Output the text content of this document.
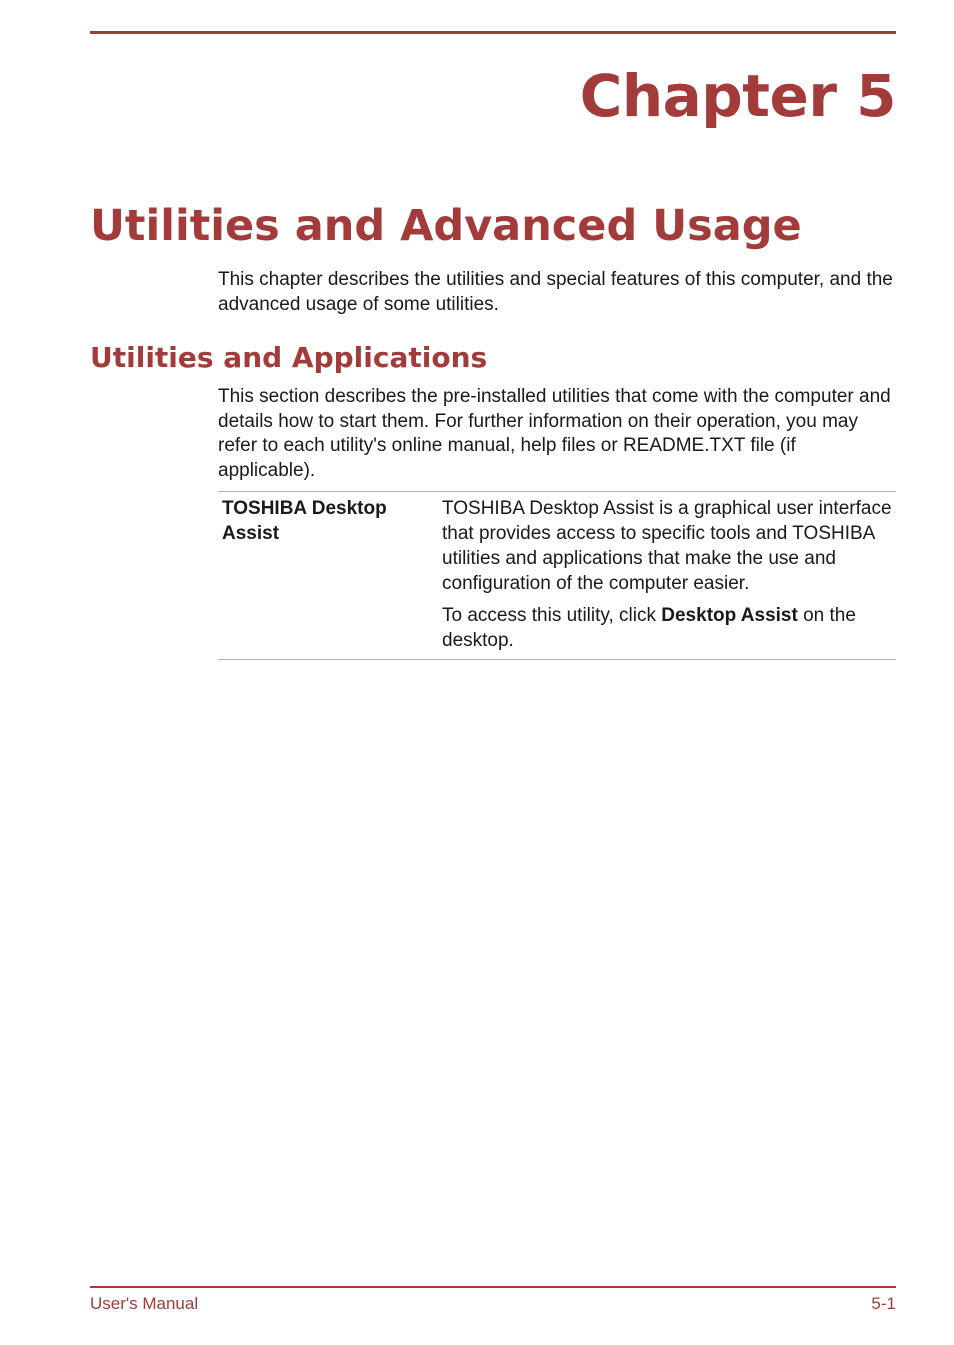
Chapter 5
Utilities and Advanced Usage

This chapter describes the utilities and special features of this computer, and the advanced usage of some utilities.

Utilities and Applications

This section describes the pre-installed utilities that come with the computer and details how to start them. For further information on their operation, you may refer to each utility's online manual, help files or README.TXT file (if applicable).

TOSHIBA Desktop Assist

TOSHIBA Desktop Assist is a graphical user interface that provides access to specific tools and TOSHIBA utilities and applications that make the use and configuration of the computer easier.

To access this utility, click Desktop Assist on the desktop.

User's Manual	5-1
